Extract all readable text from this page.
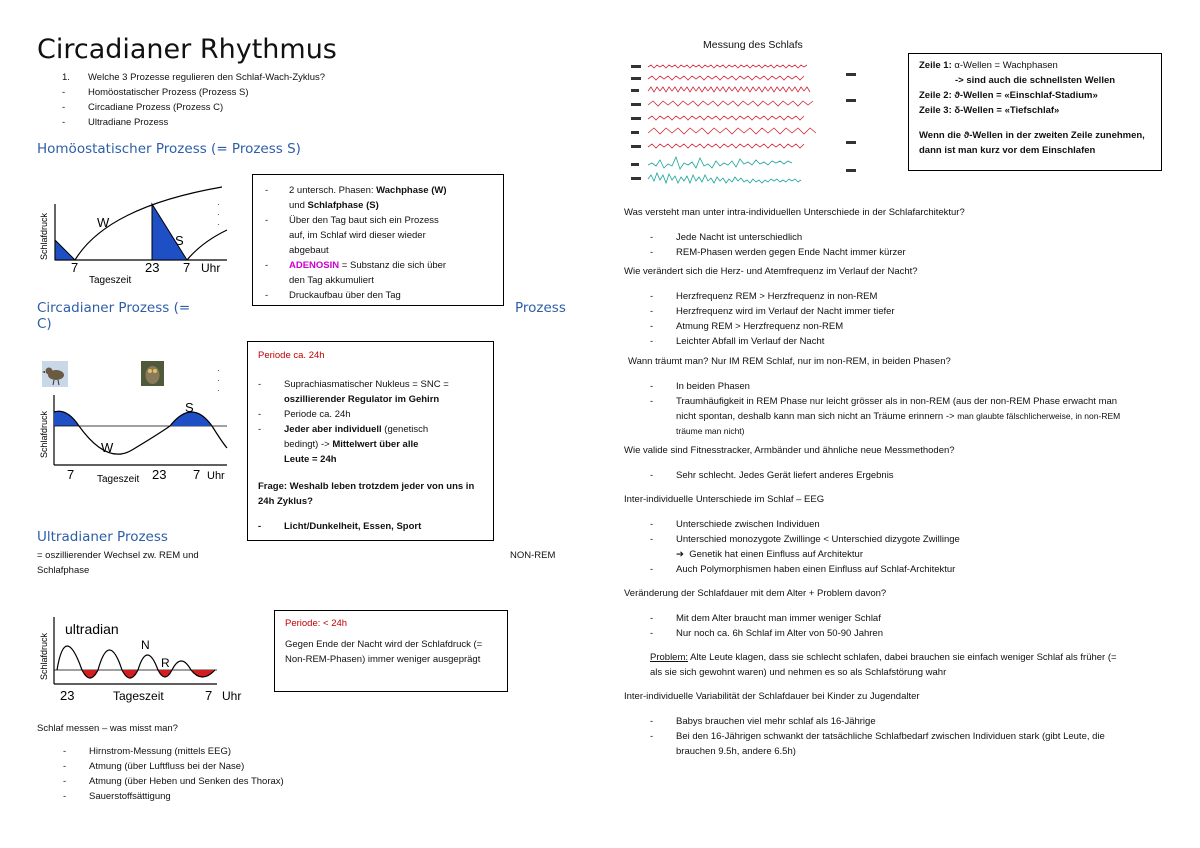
Circadianer Rhythmus
1. Welche 3 Prozesse regulieren den Schlaf-Wach-Zyklus?
- Homöostatischer Prozess (Prozess S)
- Circadiane Prozess (Prozess C)
- Ultradiane Prozess
Homöostatischer Prozess (= Prozess S)
W
S
7	23 7 Uhr
Tageszeit
Schlafdruck
·
·
·
- 2 untersch. Phasen: Wachphase (W)
und Schlafphase (S)
- Über den Tag baut sich ein Prozess
auf, im Schlaf wird dieser wieder
abgebaut
- ADENOSIN = Substanz die sich über
den Tag akkumuliert
- Druckaufbau über den Tag
Circadianer Prozess (=
C)
Prozess
·
·
·
W
S
7	23 7 Uhr
Tageszeit
Schlafdruck
Periode ca. 24h
- Suprachiasmatischer Nukleus = SNC =
oszillierender Regulator im Gehirn
- Periode ca. 24h
- Jeder aber individuell (genetisch
bedingt) -> Mittelwert über alle
Leute = 24h
Frage: Weshalb leben trotzdem jeder von uns in
24h Zyklus?
- Licht/Dunkelheit, Essen, Sport
Ultradianer Prozess
= oszillierender Wechsel zw. REM und
Schlafphase
NON-REM
ultradian
N
R
23	7 Uhr
Tageszeit
Schlafdruck
Periode: < 24h
Gegen Ende der Nacht wird der Schlafdruck (=
Non-REM-Phasen) immer weniger ausgeprägt
Schlaf messen – was misst man?
- Hirnstrom-Messung (mittels EEG)
- Atmung (über Luftfluss bei der Nase)
- Atmung (über Heben und Senken des Thorax)
- Sauerstoffsättigung
Messung des Schlafs
Zeile 1: α-Wellen = Wachphasen
-> sind auch die schnellsten Wellen
Zeile 2: ϑ-Wellen = «Einschlaf-Stadium»
Zeile 3: δ-Wellen = «Tiefschlaf»
Wenn die ϑ-Wellen in der zweiten Zeile zunehmen,
dann ist man kurz vor dem Einschlafen
Was versteht man unter intra-individuellen Unterschiede in der Schlafarchitektur?
- Jede Nacht ist unterschiedlich
- REM-Phasen werden gegen Ende Nacht immer kürzer
Wie verändert sich die Herz- und Atemfrequenz im Verlauf der Nacht?
- Herzfrequenz REM > Herzfrequenz in non-REM
- Herzfrequenz wird im Verlauf der Nacht immer tiefer
- Atmung REM > Herzfrequenz non-REM
- Leichter Abfall im Verlauf der Nacht
Wann träumt man? Nur IM REM Schlaf, nur im non-REM, in beiden Phasen?
- In beiden Phasen
- Traumhäufigkeit in REM Phase nur leicht grösser als in non-REM (aus der non-REM Phase erwacht man
nicht spontan, deshalb kann man sich nicht an Träume erinnern -> man glaubte fälschlicherweise, in non-REM
träume man nicht)
Wie valide sind Fitnesstracker, Armbänder und ähnliche neue Messmethoden?
- Sehr schlecht. Jedes Gerät liefert anderes Ergebnis
Inter-individuelle Unterschiede im Schlaf – EEG
- Unterschiede zwischen Individuen
- Unterschied monozygote Zwillinge < Unterschied dizygote Zwillinge
➔ Genetik hat einen Einfluss auf Architektur
- Auch Polymorphismen haben einen Einfluss auf Schlaf-Architektur
Veränderung der Schlafdauer mit dem Alter + Problem davon?
- Mit dem Alter braucht man immer weniger Schlaf
- Nur noch ca. 6h Schlaf im Alter von 50-90 Jahren
Problem: Alte Leute klagen, dass sie schlecht schlafen, dabei brauchen sie einfach weniger Schlaf als früher (=
als sie sich gewohnt waren) und nehmen es so als Schlafstörung wahr
Inter-individuelle Variabilität der Schlafdauer bei Kinder zu Jugendalter
- Babys brauchen viel mehr schlaf als 16-Jährige
- Bei den 16-Jährigen schwankt der tatsächliche Schlafbedarf zwischen Individuen stark (gibt Leute, die
brauchen 9.5h, andere 6.5h)
